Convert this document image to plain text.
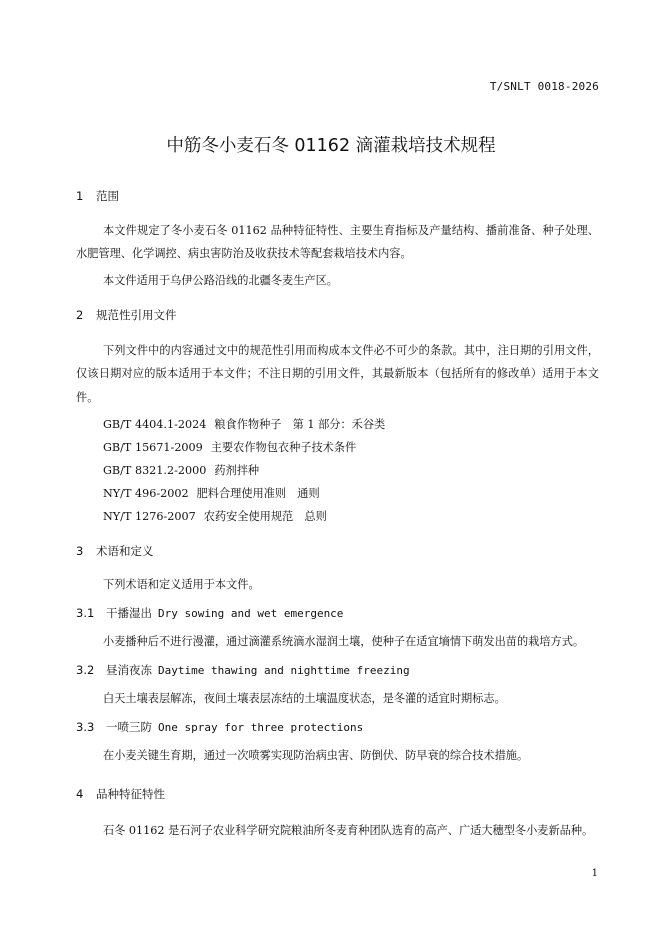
T/SNLT 0018-2026
中筋冬小麦石冬 01162 滴灌栽培技术规程
1 范围
本文件规定了冬小麦石冬 01162 品种特征特性、主要生育指标及产量结构、播前准备、种子处理、水肥管理、化学调控、病虫害防治及收获技术等配套栽培技术内容。
本文件适用于乌伊公路沿线的北疆冬麦生产区。
2 规范性引用文件
下列文件中的内容通过文中的规范性引用而构成本文件必不可少的条款。其中，注日期的引用文件，仅该日期对应的版本适用于本文件；不注日期的引用文件，其最新版本（包括所有的修改单）适用于本文件。
GB/T 4404.1-2024 粮食作物种子　第 1 部分：禾谷类
GB/T 15671-2009 主要农作物包衣种子技术条件
GB/T 8321.2-2000 药剂拌种
NY/T 496-2002 肥料合理使用准则　通则
NY/T 1276-2007 农药安全使用规范　总则
3 术语和定义
下列术语和定义适用于本文件。
3.1 干播湿出 Dry sowing and wet emergence
小麦播种后不进行漫灌，通过滴灌系统滴水湿润土壤，使种子在适宜墒情下萌发出苗的栽培方式。
3.2 昼消夜冻 Daytime thawing and nighttime freezing
白天土壤表层解冻，夜间土壤表层冻结的土壤温度状态，是冬灌的适宜时期标志。
3.3 一喷三防 One spray for three protections
在小麦关键生育期，通过一次喷雾实现防治病虫害、防倒伏、防早衰的综合技术措施。
4 品种特征特性
石冬 01162 是石河子农业科学研究院粮油所冬麦育种团队选育的高产、广适大穗型冬小麦新品种。
1
